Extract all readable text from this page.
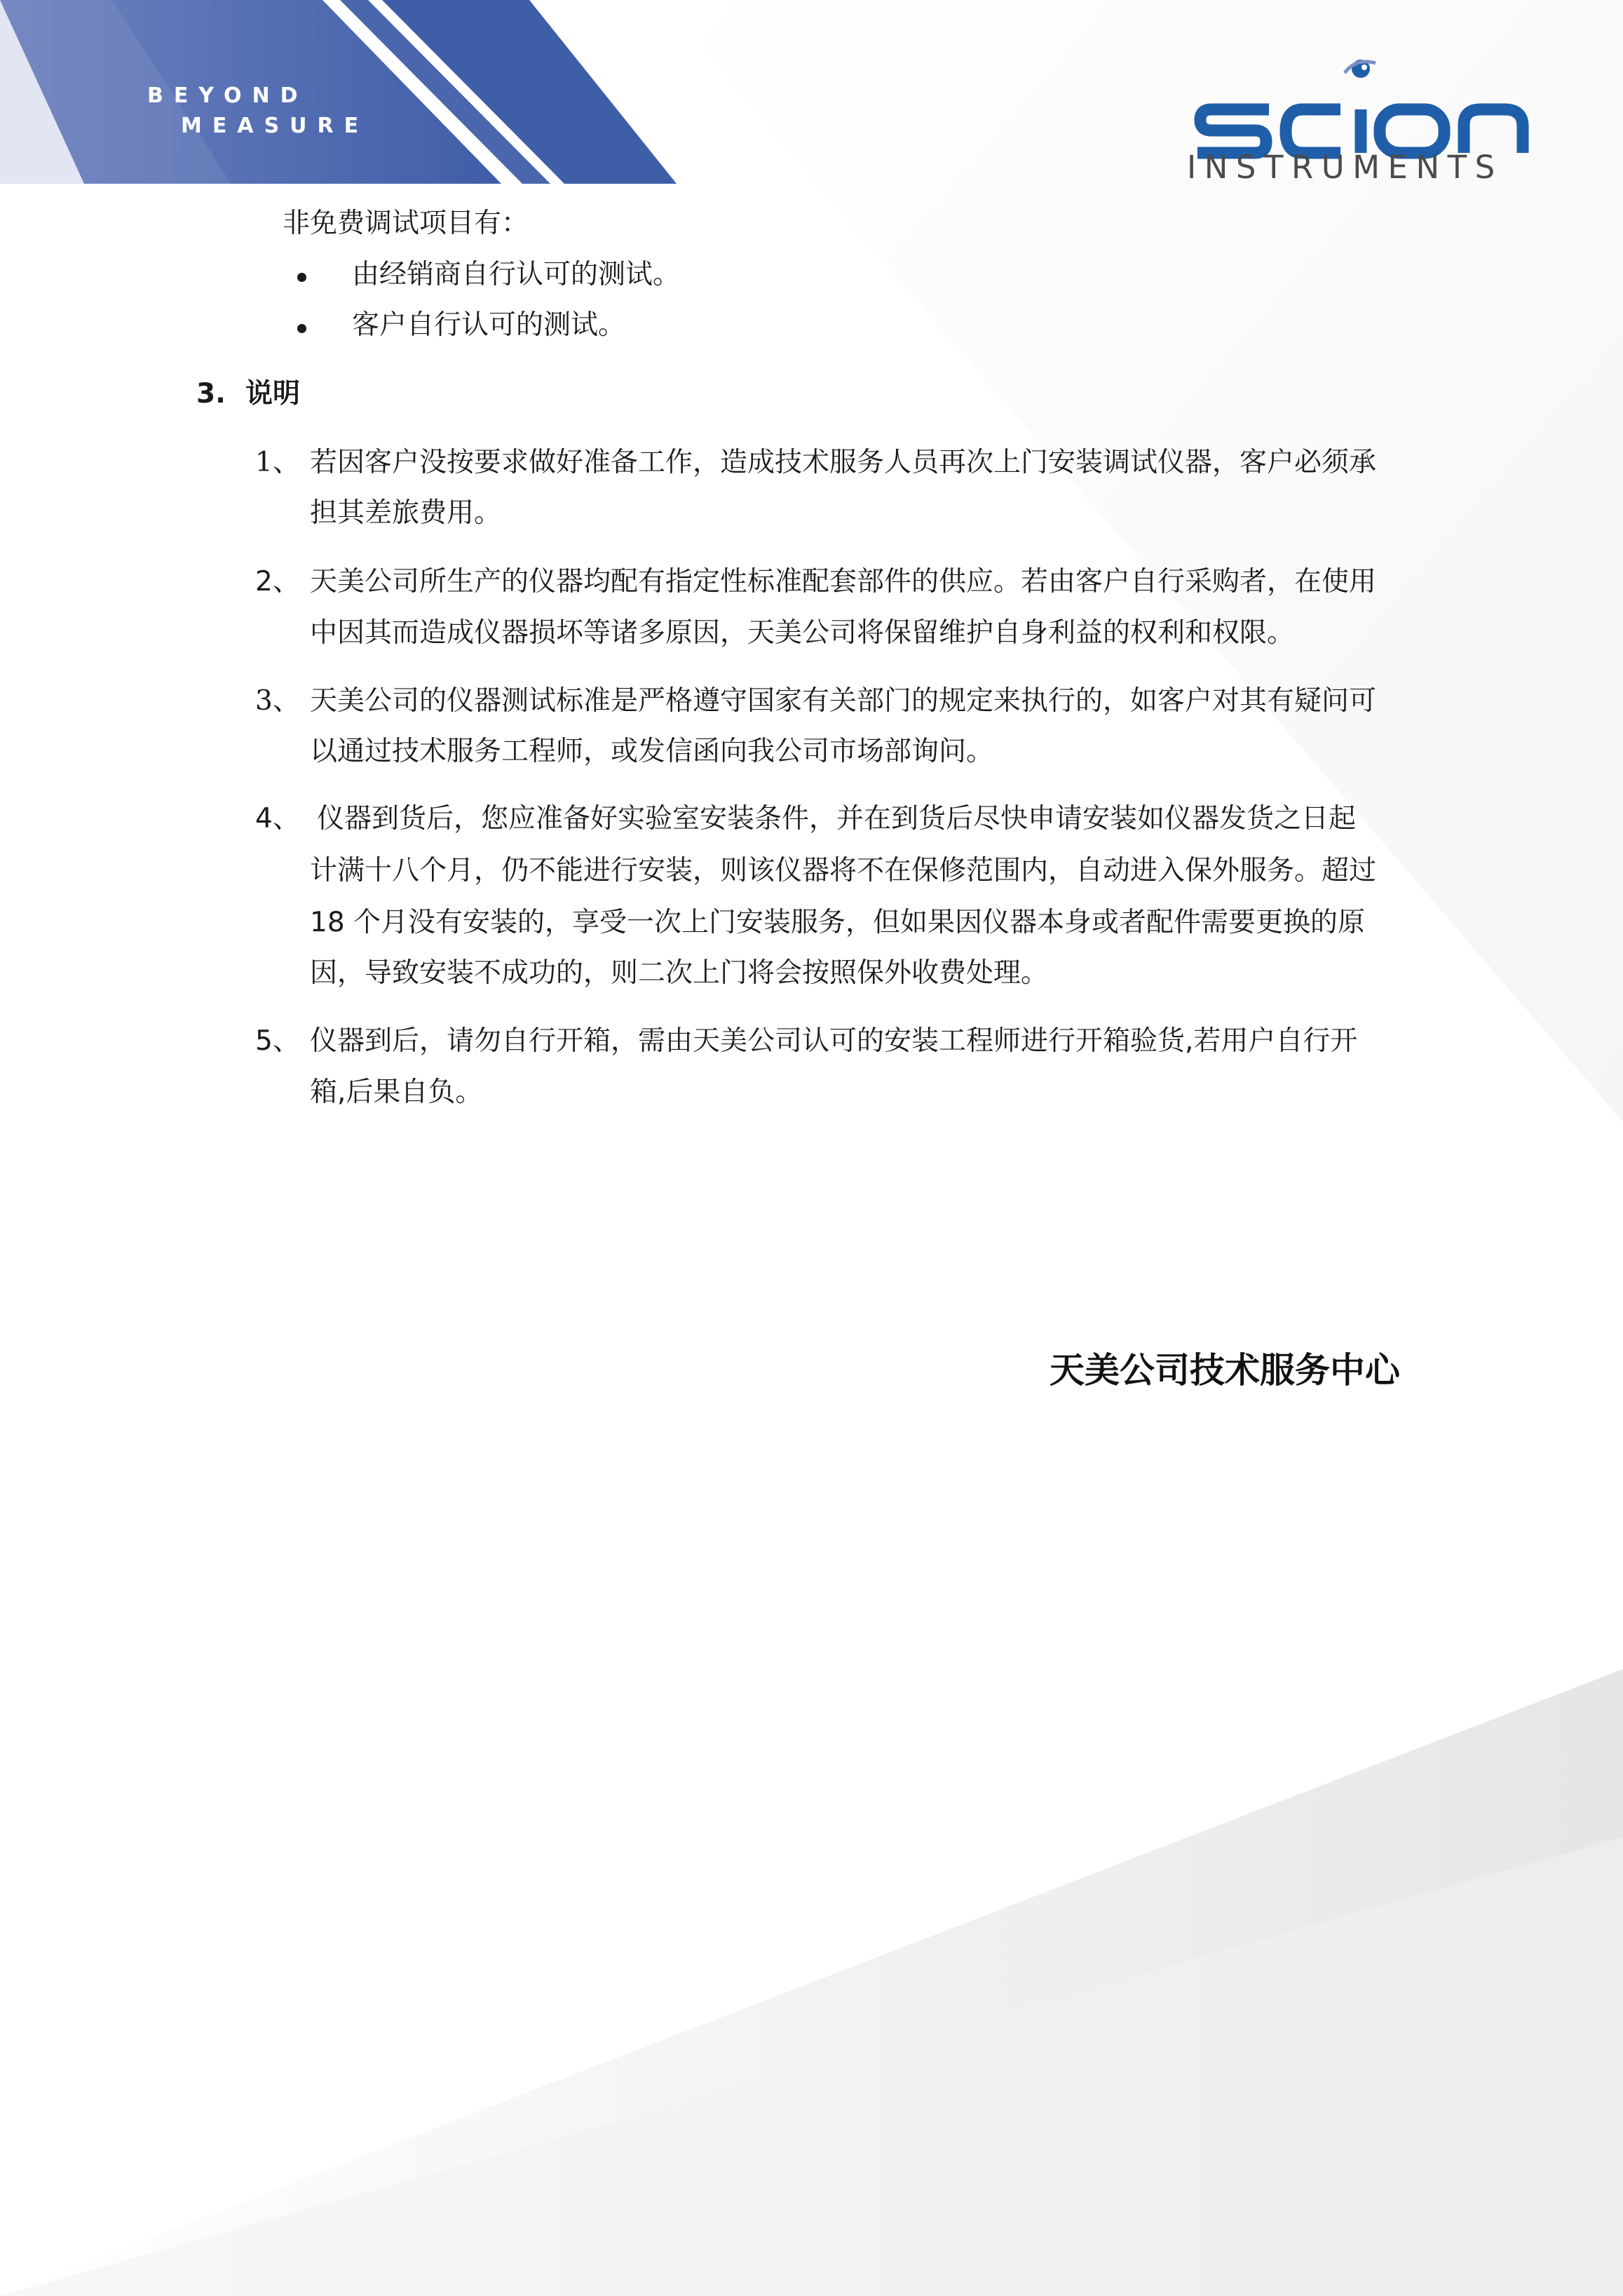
BEYOND
MEASURE
INSTRUMENTS
非免费调试项目有：
由经销商自行认可的测试。
客户自行认可的测试。
3. 说明
1、 若因客户没按要求做好准备工作，造成技术服务人员再次上门安装调试仪器，客户必须承
担其差旅费用。
2、 天美公司所生产的仪器均配有指定性标准配套部件的供应。若由客户自行采购者，在使用
中因其而造成仪器损坏等诸多原因，天美公司将保留维护自身利益的权利和权限。
3、 天美公司的仪器测试标准是严格遵守国家有关部门的规定来执行的，如客户对其有疑问可
以通过技术服务工程师，或发信函向我公司市场部询问。
4、 仪器到货后，您应准备好实验室安装条件，并在到货后尽快申请安装如仪器发货之日起
计满十八个月，仍不能进行安装，则该仪器将不在保修范围内，自动进入保外服务。超过
18 个月没有安装的，享受一次上门安装服务，但如果因仪器本身或者配件需要更换的原
因，导致安装不成功的，则二次上门将会按照保外收费处理。
5、 仪器到后，请勿自行开箱，需由天美公司认可的安装工程师进行开箱验货,若用户自行开
箱,后果自负。
天美公司技术服务中心
